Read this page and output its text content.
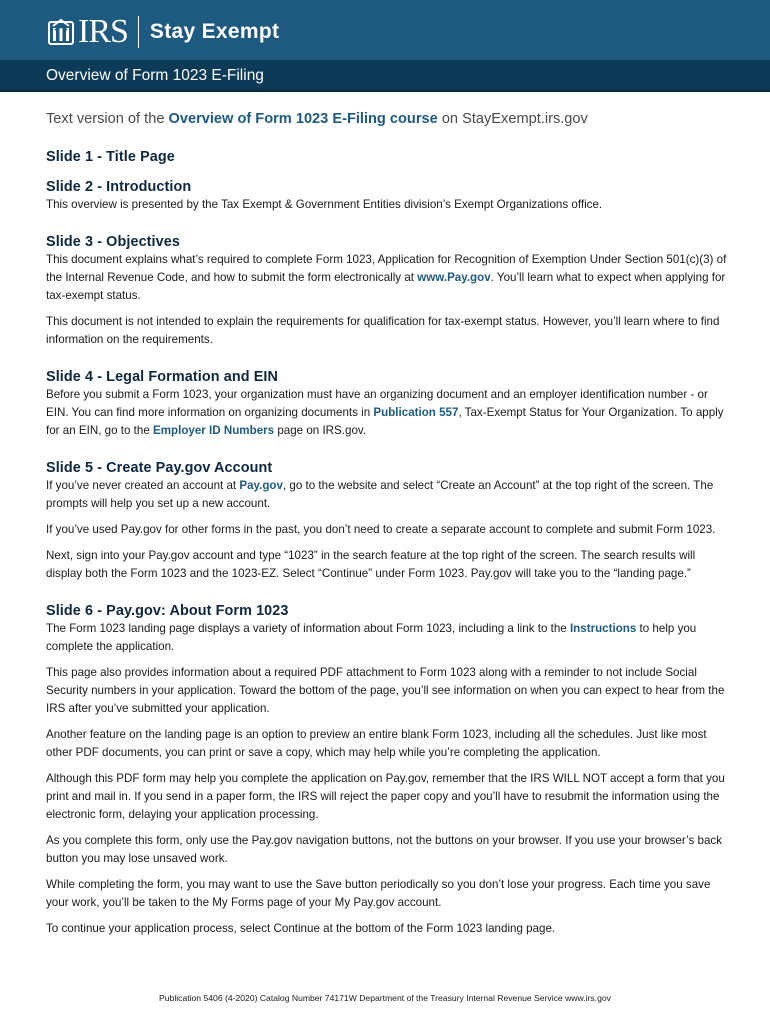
IRS Stay Exempt
Overview of Form 1023 E-Filing
Text version of the Overview of Form 1023 E-Filing course on StayExempt.irs.gov
Slide 1 - Title Page
Slide 2 - Introduction

This overview is presented by the Tax Exempt & Government Entities division’s Exempt Organizations office.

Slide 3 - Objectives

This document explains what’s required to complete Form 1023, Application for Recognition of Exemption Under Section 501(c)(3) of the Internal Revenue Code, and how to submit the form electronically at www.Pay.gov. You’ll learn what to expect when applying for tax-exempt status.

This document is not intended to explain the requirements for qualification for tax-exempt status. However, you’ll learn where to find information on the requirements.

Slide 4 - Legal Formation and EIN

Before you submit a Form 1023, your organization must have an organizing document and an employer identification number - or EIN. You can find more information on organizing documents in Publication 557, Tax-Exempt Status for Your Organization. To apply for an EIN, go to the Employer ID Numbers page on IRS.gov.

Slide 5 - Create Pay.gov Account

If you’ve never created an account at Pay.gov, go to the website and select “Create an Account” at the top right of the screen. The prompts will help you set up a new account.

If you’ve used Pay.gov for other forms in the past, you don’t need to create a separate account to complete and submit Form 1023.

Next, sign into your Pay.gov account and type “1023” in the search feature at the top right of the screen. The search results will display both the Form 1023 and the 1023-EZ. Select “Continue” under Form 1023. Pay.gov will take you to the “landing page.”

Slide 6 - Pay.gov: About Form 1023

The Form 1023 landing page displays a variety of information about Form 1023, including a link to the Instructions to help you complete the application.

This page also provides information about a required PDF attachment to Form 1023 along with a reminder to not include Social Security numbers in your application. Toward the bottom of the page, you’ll see information on when you can expect to hear from the IRS after you’ve submitted your application.

Another feature on the landing page is an option to preview an entire blank Form 1023, including all the schedules. Just like most other PDF documents, you can print or save a copy, which may help while you’re completing the application.

Although this PDF form may help you complete the application on Pay.gov, remember that the IRS WILL NOT accept a form that you print and mail in. If you send in a paper form, the IRS will reject the paper copy and you’ll have to resubmit the information using the electronic form, delaying your application processing.

As you complete this form, only use the Pay.gov navigation buttons, not the buttons on your browser. If you use your browser’s back button you may lose unsaved work.

While completing the form, you may want to use the Save button periodically so you don’t lose your progress. Each time you save your work, you’ll be taken to the My Forms page of your My Pay.gov account.

To continue your application process, select Continue at the bottom of the Form 1023 landing page.

Publication 5406 (4-2020) Catalog Number 74171W Department of the Treasury Internal Revenue Service www.irs.gov
